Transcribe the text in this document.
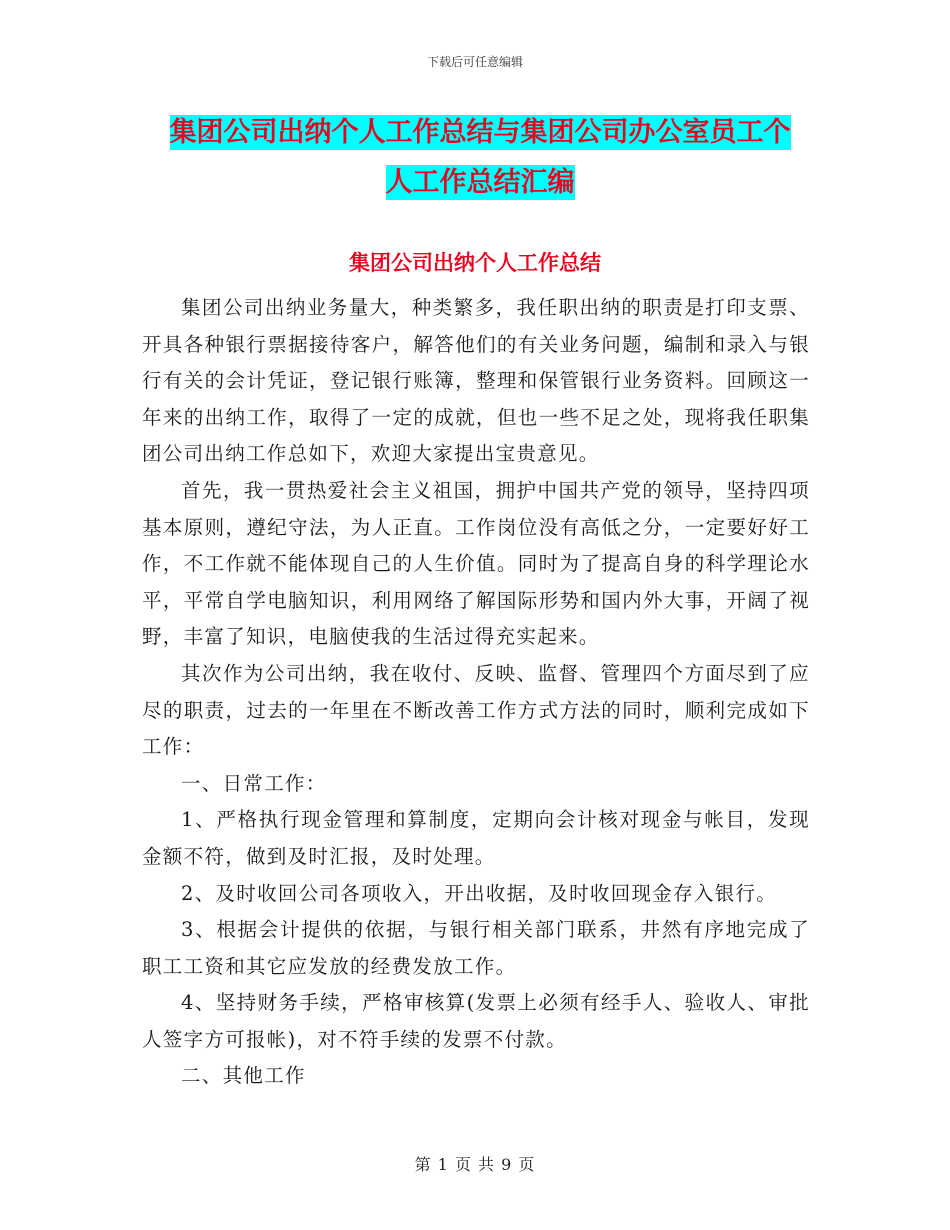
下载后可任意编辑
集团公司出纳个人工作总结与集团公司办公室员工个
人工作总结汇编
集团公司出纳个人工作总结

集团公司出纳业务量大，种类繁多，我任职出纳的职责是打印支票、开具各种银行票据接待客户，解答他们的有关业务问题，编制和录入与银行有关的会计凭证，登记银行账簿，整理和保管银行业务资料。回顾这一年来的出纳工作，取得了一定的成就，但也一些不足之处，现将我任职集团公司出纳工作总如下，欢迎大家提出宝贵意见。

首先，我一贯热爱社会主义祖国，拥护中国共产党的领导，坚持四项基本原则，遵纪守法，为人正直。工作岗位没有高低之分，一定要好好工作，不工作就不能体现自己的人生价值。同时为了提高自身的科学理论水平，平常自学电脑知识，利用网络了解国际形势和国内外大事，开阔了视野，丰富了知识，电脑使我的生活过得充实起来。

其次作为公司出纳，我在收付、反映、监督、管理四个方面尽到了应尽的职责，过去的一年里在不断改善工作方式方法的同时，顺利完成如下工作：

一、日常工作：

1、严格执行现金管理和算制度，定期向会计核对现金与帐目，发现金额不符，做到及时汇报，及时处理。

2、及时收回公司各项收入，开出收据，及时收回现金存入银行。

3、根据会计提供的依据，与银行相关部门联系，井然有序地完成了职工工资和其它应发放的经费发放工作。

4、坚持财务手续，严格审核算(发票上必须有经手人、验收人、审批人签字方可报帐)，对不符手续的发票不付款。

二、其他工作

第 1 页 共 9 页
